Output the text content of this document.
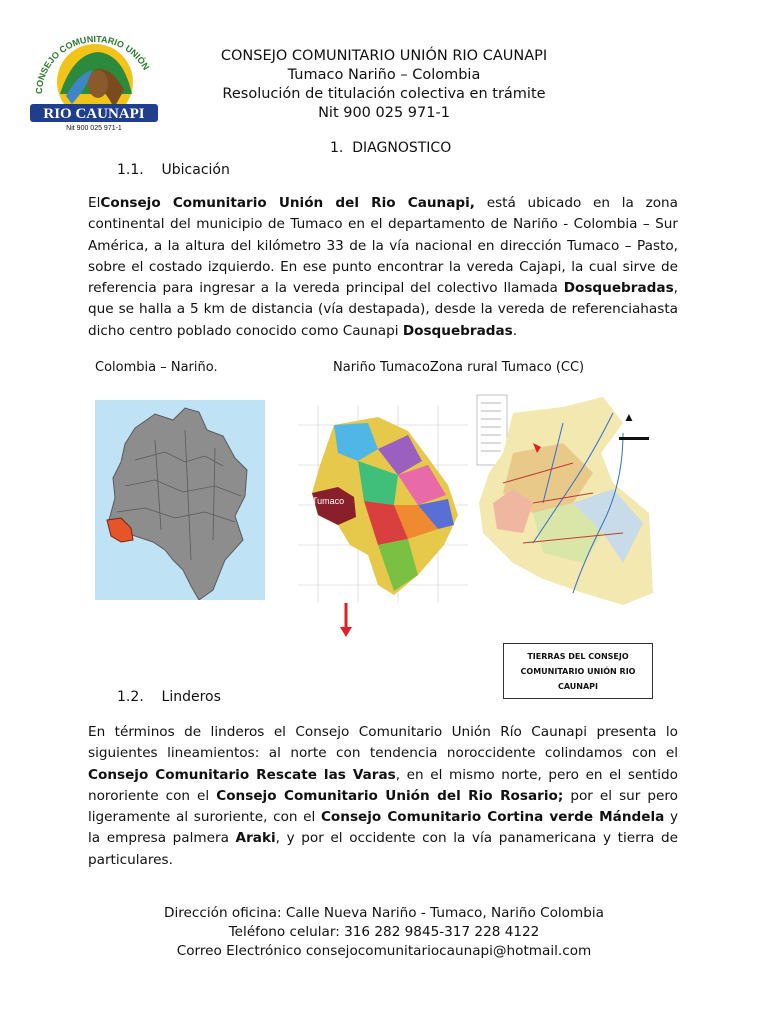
CONSEJO COMUNITARIO UNIÓN
RIO CAUNAPI
Nit 900 025 971-1
CONSEJO COMUNITARIO UNIÓN RIO CAUNAPI
Tumaco Nariño – Colombia
Resolución de titulación colectiva en trámite
Nit 900 025 971-1
1. DIAGNOSTICO
1.1. Ubicación
ElConsejo Comunitario Unión del Rio Caunapi, está ubicado en la zona continental del municipio de Tumaco en el departamento de Nariño - Colombia – Sur América, a la altura del kilómetro 33 de la vía nacional en dirección Tumaco – Pasto, sobre el costado izquierdo. En ese punto encontrar la vereda Cajapi, la cual sirve de referencia para ingresar a la vereda principal del colectivo llamada Dosquebradas, que se halla a 5 km de distancia (vía destapada), desde la vereda de referenciahasta dicho centro poblado conocido como Caunapi Dosquebradas.
Colombia – Nariño.	Nariño TumacoZona rural Tumaco (CC)
Tumaco
▲
TIERRAS DEL CONSEJO COMUNITARIO UNIÓN RIO CAUNAPI
1.2. Linderos
En términos de linderos el Consejo Comunitario Unión Río Caunapi presenta lo siguientes lineamientos: al norte con tendencia noroccidente colindamos con el Consejo Comunitario Rescate las Varas, en el mismo norte, pero en el sentido nororiente con el Consejo Comunitario Unión del Rio Rosario; por el sur pero ligeramente al suroriente, con el Consejo Comunitario Cortina verde Mándela y la empresa palmera Araki, y por el occidente con la vía panamericana y tierra de particulares.
Dirección oficina: Calle Nueva Nariño - Tumaco, Nariño Colombia
Teléfono celular: 316 282 9845-317 228 4122
Correo Electrónico consejocomunitariocaunapi@hotmail.com
